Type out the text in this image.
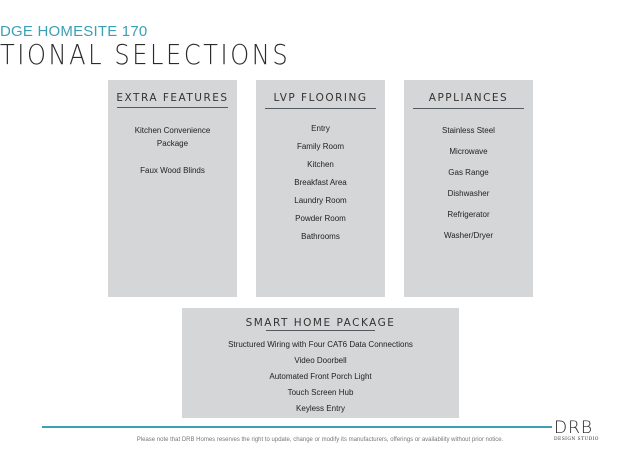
DGE HOMESITE 170
TIONAL SELECTIONS
EXTRA FEATURES
Kitchen Convenience
Package
Faux Wood Blinds
LVP FLOORING
Entry
Family Room
Kitchen
Breakfast Area
Laundry Room
Powder Room
Bathrooms
APPLIANCES
Stainless Steel
Microwave
Gas Range
Dishwasher
Refrigerator
Washer/Dryer
SMART HOME PACKAGE
Structured Wiring with Four CAT6 Data Connections
Video Doorbell
Automated Front Porch Light
Touch Screen Hub
Keyless Entry
Please note that DRB Homes reserves the right to update, change or modify its manufacturers, offerings or availability without prior notice.
DRB
DESIGN STUDIO
